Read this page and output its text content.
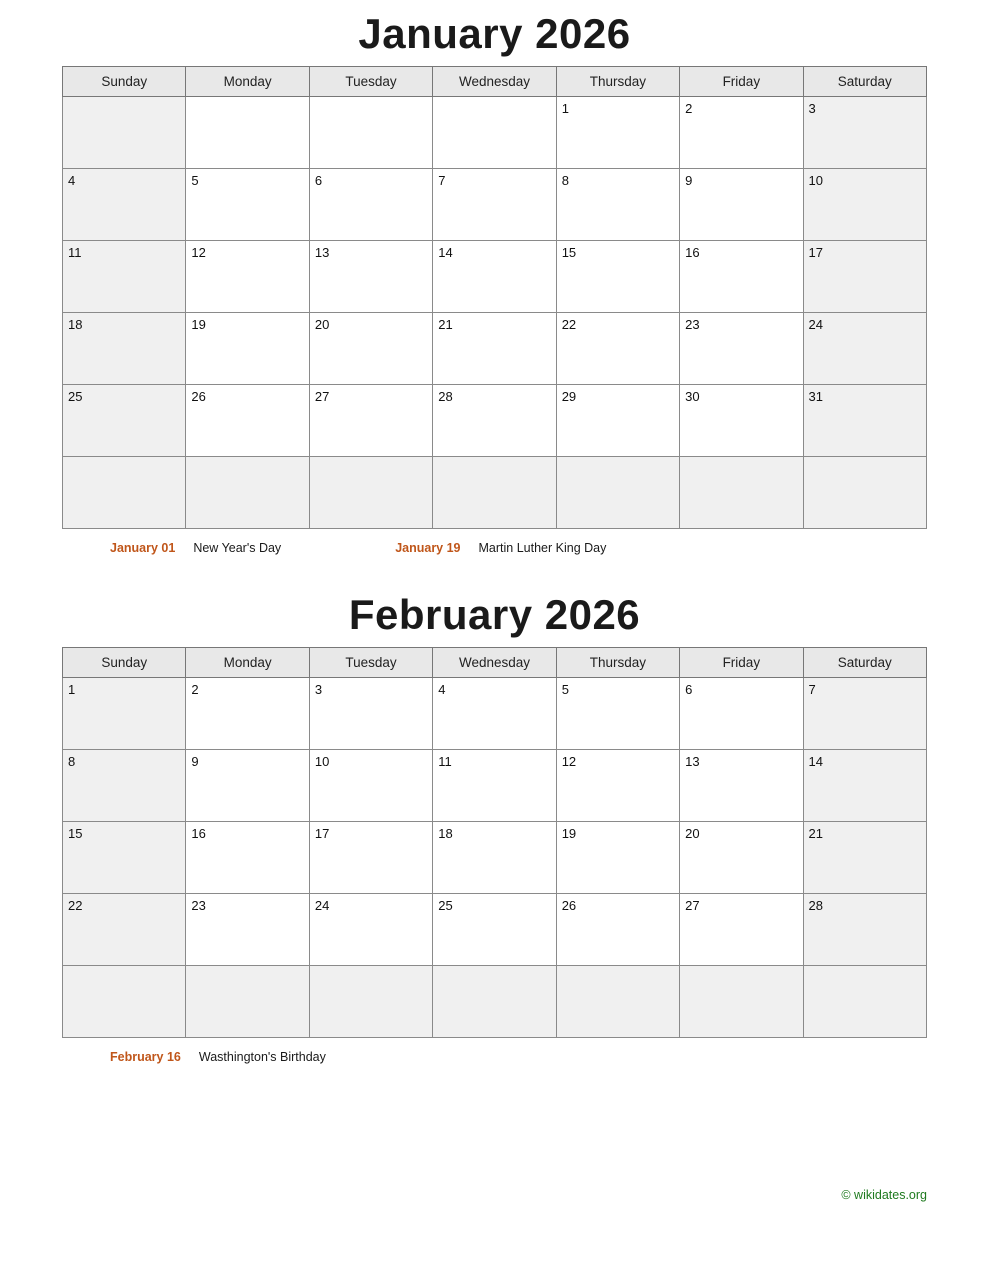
January 2026
Sunday	Monday	Tuesday	Wednesday	Thursday	Friday	Saturday
				1	2	3
4	5	6	7	8	9	10
11	12	13	14	15	16	17
18	19	20	21	22	23	24
25	26	27	28	29	30	31

January 01 New Year's Day	January 19 Martin Luther King Day
February 2026
Sunday	Monday	Tuesday	Wednesday	Thursday	Friday	Saturday
1	2	3	4	5	6	7
8	9	10	11	12	13	14
15	16	17	18	19	20	21
22	23	24	25	26	27	28

February 16 Wasthington's Birthday
© wikidates.org
